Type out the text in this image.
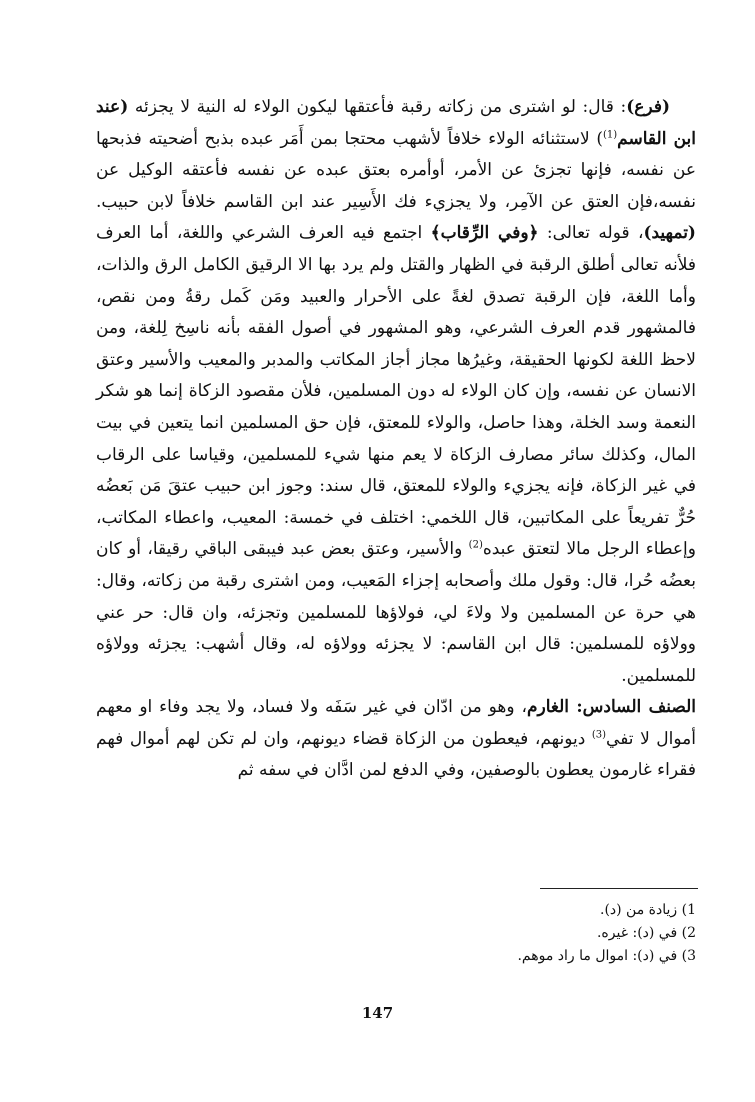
(فرع): قال: لو اشترى من زكاته رقبة فأعتقها ليكون الولاء له النية لا يجزئه (عند ابن القاسم$^{(1)}$) لاستثنائه الولاء خلافاً لأشهب محتجا بمن أَمَر عبده بذبح أضحيته فذبحها عن نفسه، فإنها تجزئ عن الأمر، أوأمره بعتق عبده عن نفسه فأعتقه الوكيل عن نفسه،فإن العتق عن الآمِر، ولا يجزيء فك الأَسِير عند ابن القاسم خلافاً لابن حبيب. (تمهيد)، قوله تعالى: ﴿وفي الرِّقاب﴾ اجتمع فيه العرف الشرعي واللغة، أما العرف فلأنه تعالى أطلق الرقبة في الظهار والقتل ولم يرد بها الا الرقيق الكامل الرق والذات، وأما اللغة، فإن الرقبة تصدق لغةً على الأحرار والعبيد ومَن كَمل رقةُ ومن نقص، فالمشهور قدم العرف الشرعي، وهو المشهور في أصول الفقه بأنه ناسِخ لِلغة، ومن لاحظ اللغة لكونها الحقيقة، وغيرُها مجاز أجاز المكاتب والمدبر والمعيب والأسير وعتق الانسان عن نفسه، وإن كان الولاء له دون المسلمين، فلأن مقصود الزكاة إنما هو شكر النعمة وسد الخلة، وهذا حاصل، والولاء للمعتق، فإن حق المسلمين انما يتعين في بيت المال، وكذلك سائر مصارف الزكاة لا يعم منها شيء للمسلمين، وقياسا على الرقاب في غير الزكاة، فإنه يجزيء والولاء للمعتق، قال سند: وجوز ابن حبيب عتقَ مَن بَعضُه حُرٌّ تفريعاً على المكاتبين، قال اللخمي: اختلف في خمسة: المعيب، واعطاء المكاتب، وإعطاء الرجل مالا لتعتق عبده$^{(2)}$ والأسير، وعتق بعض عبد فيبقى الباقي رقيقا، أو كان بعضُه حُرا، قال: وقول ملك وأصحابه إجزاء المَعيب، ومن اشترى رقبة من زكاته، وقال: هي حرة عن المسلمين ولا ولاءَ لي، فولاؤها للمسلمين وتجزئه، وان قال: حر عني وولاؤه للمسلمين: قال ابن القاسم: لا يجزئه وولاؤه له، وقال أشهب: يجزئه وولاؤه للمسلمين.

الصنف السادس: الغارم، وهو من ادّان في غير سَفَه ولا فساد، ولا يجد وفاء او معهم أموال لا تفي$^{(3)}$ ديونهم، فيعطون من الزكاة قضاء ديونهم، وان لم تكن لهم أموال فهم فقراء غارمون يعطون بالوصفين، وفي الدفع لمن ادَّان في سفه ثم

1) زيادة من (د).
2) في (د): غيره.
3) في (د): اموال ما راد موهم.
147
